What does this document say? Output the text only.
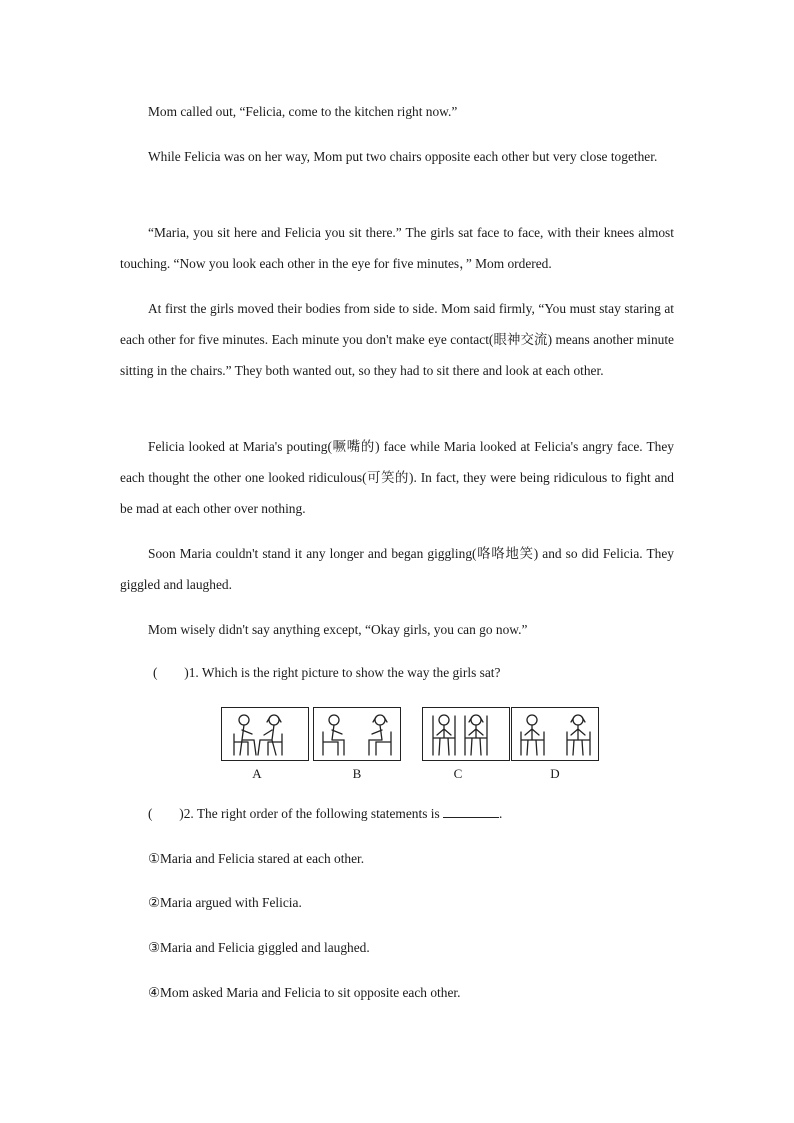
Mom called out, “Felicia, come to the kitchen right now.”

While Felicia was on her way, Mom put two chairs opposite each other but very close together.

“Maria, you sit here and Felicia you sit there.” The girls sat face to face, with their knees almost touching. “Now you look each other in the eye for five minutes，” Mom ordered.

At first the girls moved their bodies from side to side. Mom said firmly, “You must stay staring at each other for five minutes. Each minute you don't make eye contact(眼神交流) means another minute sitting in the chairs.” They both wanted out, so they had to sit there and look at each other.

Felicia looked at Maria's pouting(噘嘴的) face while Maria looked at Felicia's angry face. They each thought the other one looked ridiculous(可笑的). In fact, they were being ridiculous to fight and be mad at each other over nothing.

Soon Maria couldn't stand it any longer and began giggling(咯咯地笑) and so did Felicia. They giggled and laughed.

Mom wisely didn't say anything except, “Okay girls, you can go now.”

(　　)1. Which is the right picture to show the way the girls sat?
A	B	C	D
(　　)2. The right order of the following statements is	.
①Maria and Felicia stared at each other.
②Maria argued with Felicia.
③Maria and Felicia giggled and laughed.
④Mom asked Maria and Felicia to sit opposite each other.
